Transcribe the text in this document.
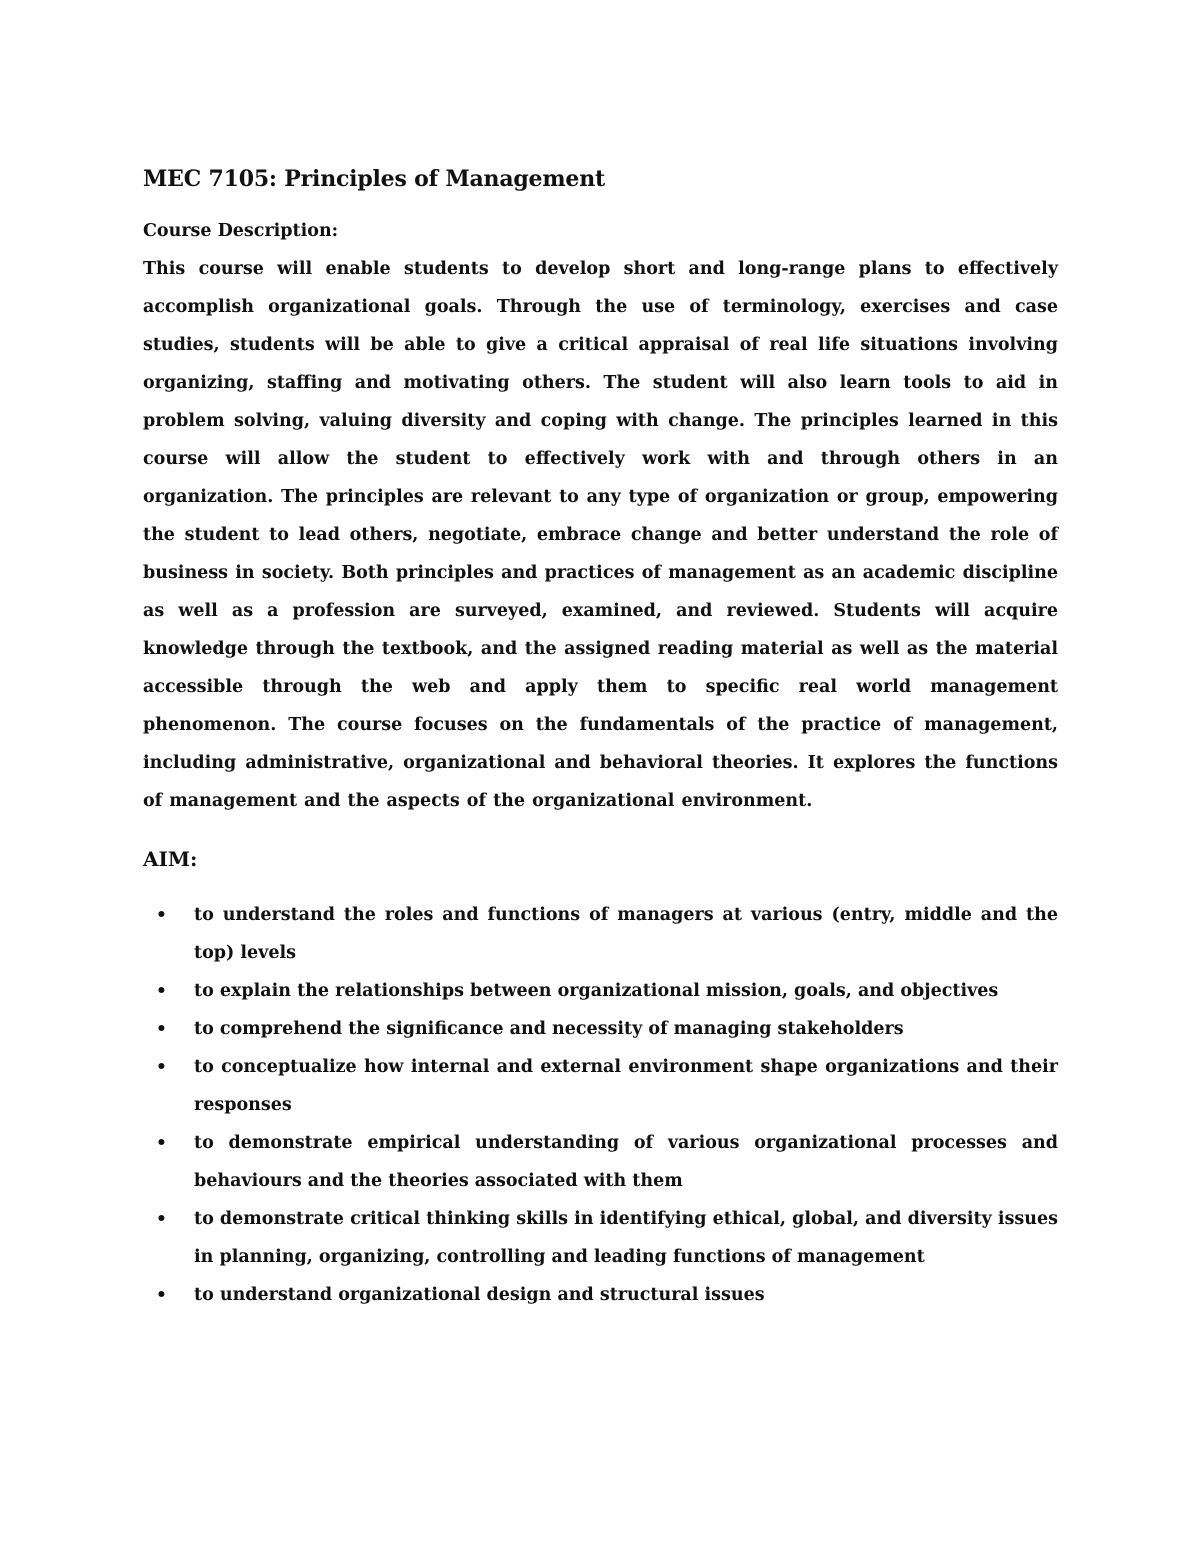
MEC 7105: Principles of Management

Course Description:

This course will enable students to develop short and long-range plans to effectively accomplish organizational goals. Through the use of terminology, exercises and case studies, students will be able to give a critical appraisal of real life situations involving organizing, staffing and motivating others. The student will also learn tools to aid in problem solving, valuing diversity and coping with change. The principles learned in this course will allow the student to effectively work with and through others in an organization. The principles are relevant to any type of organization or group, empowering the student to lead others, negotiate, embrace change and better understand the role of business in society. Both principles and practices of management as an academic discipline as well as a profession are surveyed, examined, and reviewed. Students will acquire knowledge through the textbook, and the assigned reading material as well as the material accessible through the web and apply them to specific real world management phenomenon. The course focuses on the fundamentals of the practice of management, including administrative, organizational and behavioral theories. It explores the functions of management and the aspects of the organizational environment.

AIM:
• to understand the roles and functions of managers at various (entry, middle and the top) levels
• to explain the relationships between organizational mission, goals, and objectives
• to comprehend the significance and necessity of managing stakeholders
• to conceptualize how internal and external environment shape organizations and their responses
• to demonstrate empirical understanding of various organizational processes and behaviours and the theories associated with them
• to demonstrate critical thinking skills in identifying ethical, global, and diversity issues in planning, organizing, controlling and leading functions of management
• to understand organizational design and structural issues
